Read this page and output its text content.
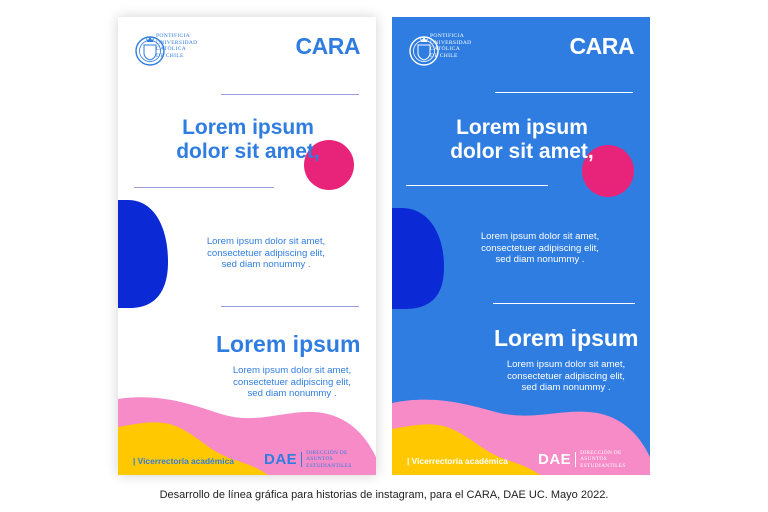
PONTIFICIA
UNIVERSIDAD
CATÓLICA
DE CHILE	CARA
Lorem ipsum
dolor sit amet,
Lorem ipsum dolor sit amet,
consectetuer adipiscing elit,
sed diam nonummy .
Lorem ipsum
Lorem ipsum dolor sit amet,
consectetuer adipiscing elit,
sed diam nonummy .
| Vicerrectoría académica DAE DIRECCIÓN DE
ASUNTOS ESTUDIANTILES
PONTIFICIA
UNIVERSIDAD
CATÓLICA
DE CHILE	CARA
Lorem ipsum
dolor sit amet,
Lorem ipsum dolor sit amet,
consectetuer adipiscing elit,
sed diam nonummy .
Lorem ipsum
Lorem ipsum dolor sit amet,
consectetuer adipiscing elit,
sed diam nonummy .
| Vicerrectoría académica DAE DIRECCIÓN DE
ASUNTOS ESTUDIANTILES
Desarrollo de línea gráfica para historias de instagram, para el CARA, DAE UC. Mayo 2022.
